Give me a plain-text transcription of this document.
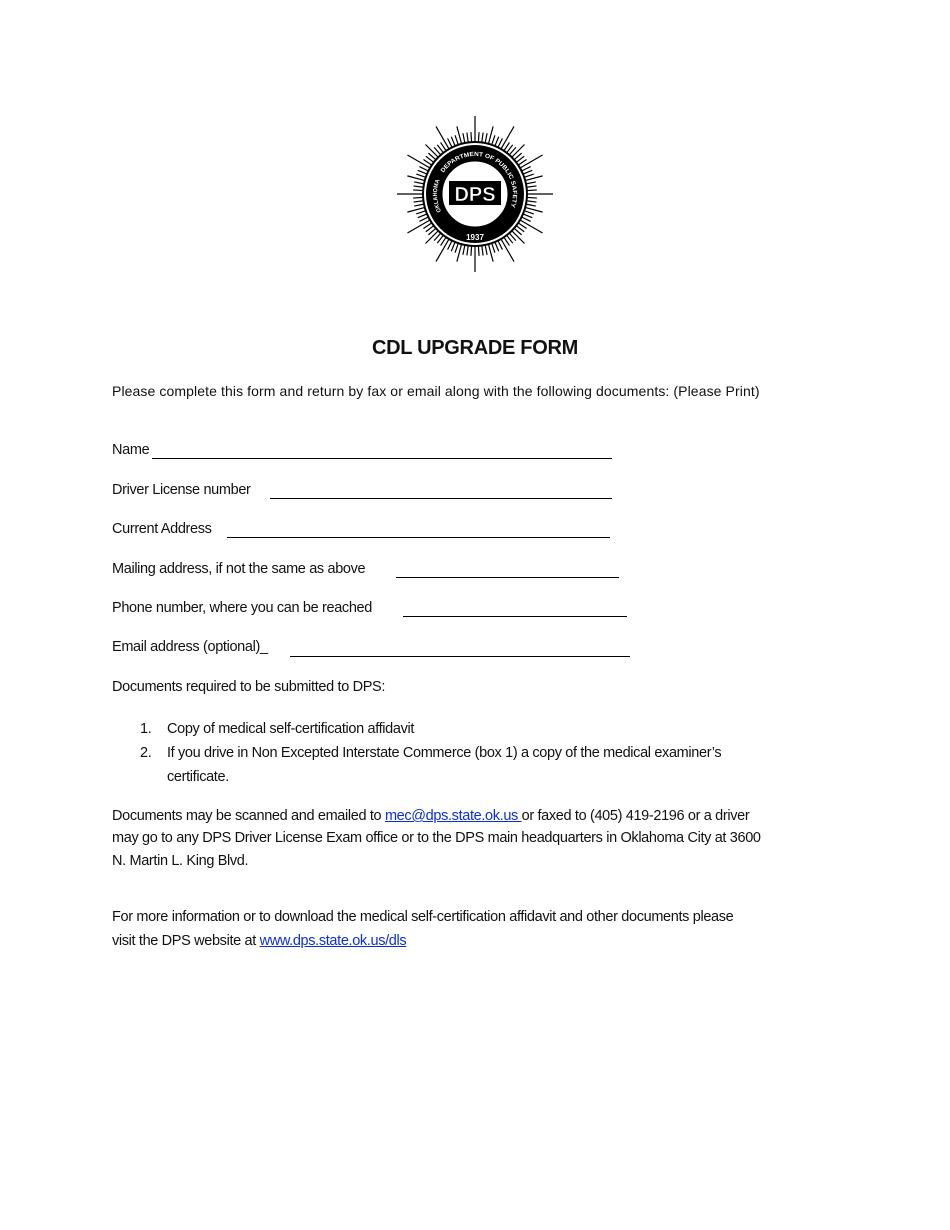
OKLAHOMA
DEPARTMENT OF PUBLIC SAFETY
1937
DPS
CDL UPGRADE FORM
Please complete this form and return by fax or email along with the following documents: (Please Print)
Name
Driver License number
Current Address
Mailing address, if not the same as above
Phone number, where you can be reached
Email address (optional)_
Documents required to be submitted to DPS:
1. Copy of medical self-certification affidavit
2. If you drive in Non Excepted Interstate Commerce (box 1) a copy of the medical examiner’s
certificate.
Documents may be scanned and emailed to mec@dps.state.ok.us or faxed to (405) 419-2196 or a driver
may go to any DPS Driver License Exam office or to the DPS main headquarters in Oklahoma City at 3600
N. Martin L. King Blvd.
For more information or to download the medical self-certification affidavit and other documents please
visit the DPS website at www.dps.state.ok.us/dls
